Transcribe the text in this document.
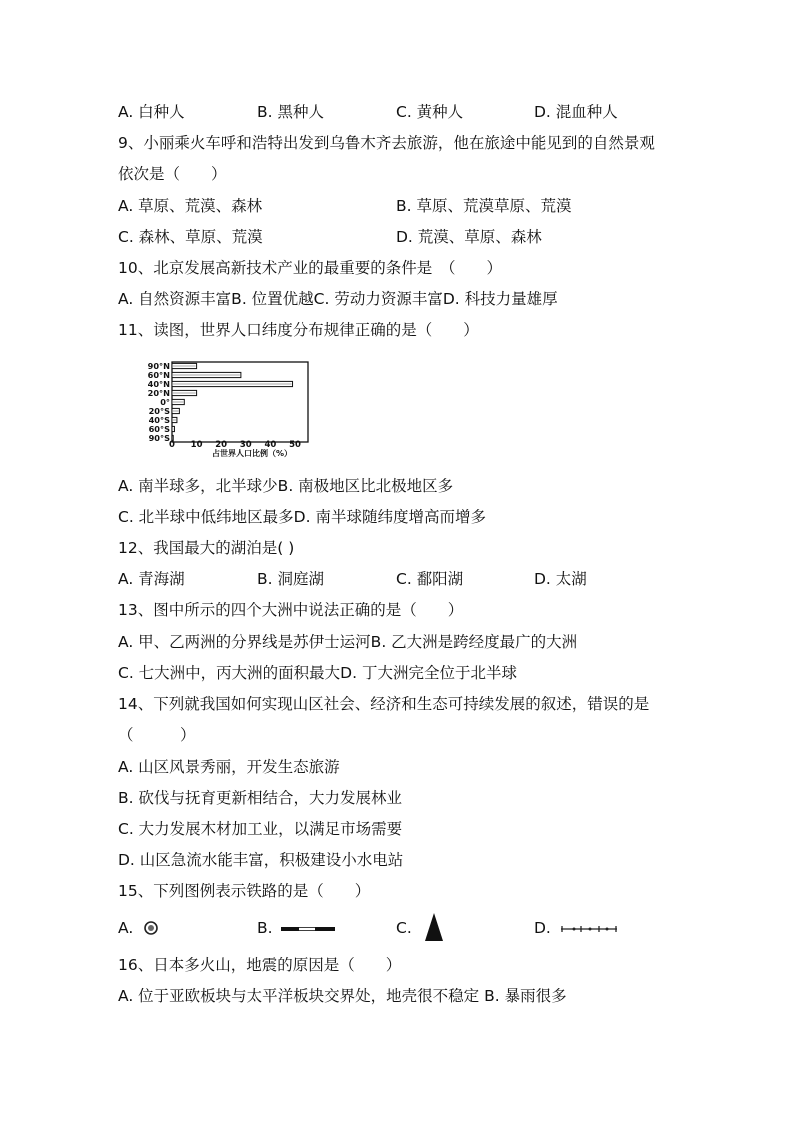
A. 白种人	B. 黑种人	C. 黄种人	D. 混血种人
9、小丽乘火车呼和浩特出发到乌鲁木齐去旅游，他在旅途中能见到的自然景观
依次是（　　）
A. 草原、荒漠、森林	B. 草原、荒漠草原、荒漠
C. 森林、草原、荒漠	D. 荒漠、草原、森林
10、北京发展高新技术产业的最重要的条件是　（　　）
A. 自然资源丰富B. 位置优越C. 劳动力资源丰富D. 科技力量雄厚
11、读图，世界人口纬度分布规律正确的是（　　）
90°N
60°N
40°N
20°N
0°
20°S
40°S
60°S
90°S
0 10 20 30 40 50
占世界人口比例（%）
A. 南半球多，北半球少B. 南极地区比北极地区多
C. 北半球中低纬地区最多D. 南半球随纬度增高而增多
12、我国最大的湖泊是( )
A. 青海湖	B. 洞庭湖	C. 鄱阳湖	D. 太湖
13、图中所示的四个大洲中说法正确的是（　　）
A. 甲、乙两洲的分界线是苏伊士运河B. 乙大洲是跨经度最广的大洲
C. 七大洲中，丙大洲的面积最大D. 丁大洲完全位于北半球
14、下列就我国如何实现山区社会、经济和生态可持续发展的叙述，错误的是
（　　　）
A. 山区风景秀丽，开发生态旅游
B. 砍伐与抚育更新相结合，大力发展林业
C. 大力发展木材加工业，以满足市场需要
D. 山区急流水能丰富，积极建设小水电站
15、下列图例表示铁路的是（　　）
A.	B.	C.	D.
16、日本多火山，地震的原因是（　　）
A. 位于亚欧板块与太平洋板块交界处，地壳很不稳定 B. 暴雨很多
